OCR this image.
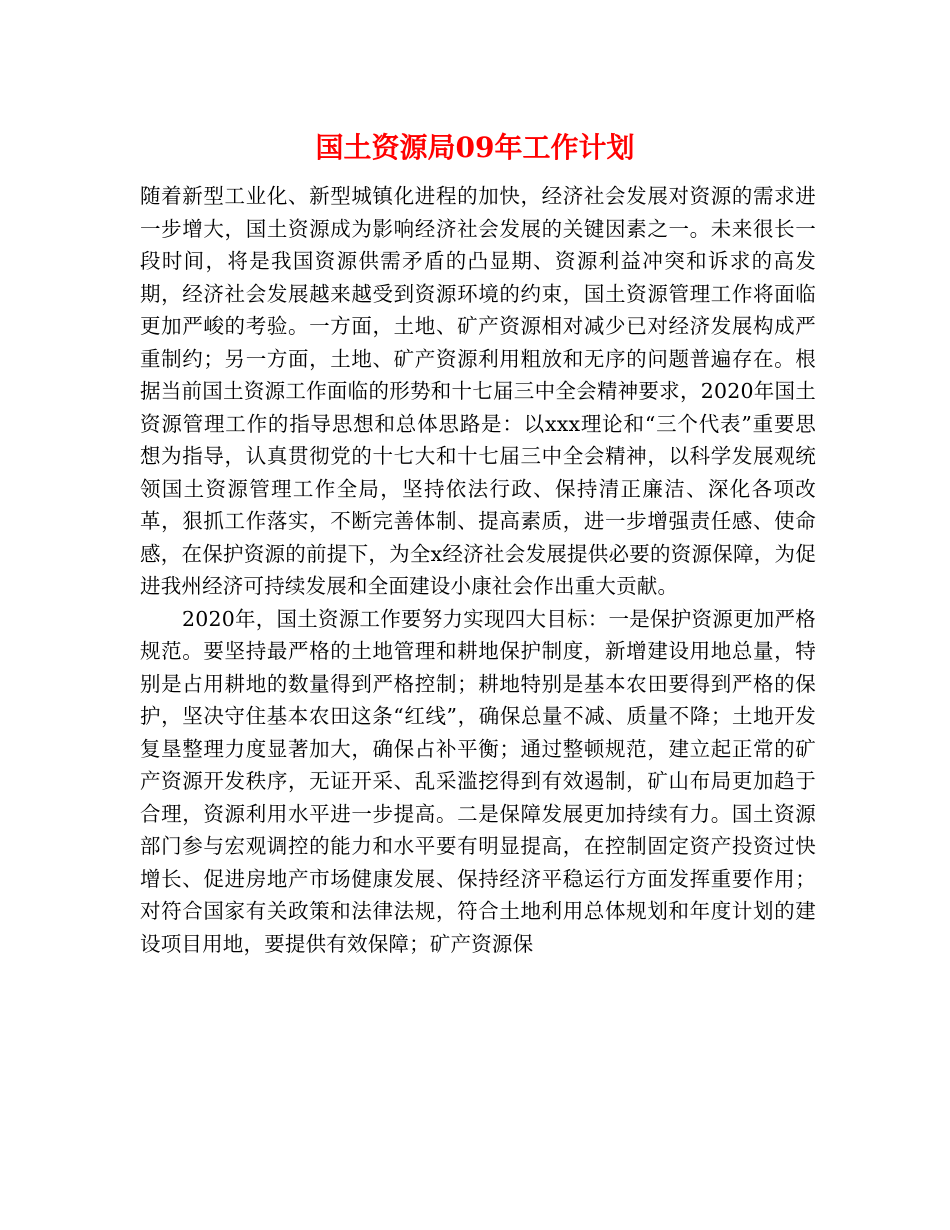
国土资源局09年工作计划

随着新型工业化、新型城镇化进程的加快，经济社会发展对资源的需求进一步增大，国土资源成为影响经济社会发展的关键因素之一。未来很长一段时间，将是我国资源供需矛盾的凸显期、资源利益冲突和诉求的高发期，经济社会发展越来越受到资源环境的约束，国土资源管理工作将面临更加严峻的考验。一方面，土地、矿产资源相对减少已对经济发展构成严重制约；另一方面，土地、矿产资源利用粗放和无序的问题普遍存在。根据当前国土资源工作面临的形势和十七届三中全会精神要求，2020年国土资源管理工作的指导思想和总体思路是：以xxx理论和“三个代表”重要思想为指导，认真贯彻党的十七大和十七届三中全会精神，以科学发展观统领国土资源管理工作全局，坚持依法行政、保持清正廉洁、深化各项改革，狠抓工作落实，不断完善体制、提高素质，进一步增强责任感、使命感，在保护资源的前提下，为全x经济社会发展提供必要的资源保障，为促进我州经济可持续发展和全面建设小康社会作出重大贡献。

2020年，国土资源工作要努力实现四大目标：一是保护资源更加严格规范。要坚持最严格的土地管理和耕地保护制度，新增建设用地总量，特别是占用耕地的数量得到严格控制；耕地特别是基本农田要得到严格的保护，坚决守住基本农田这条“红线”，确保总量不减、质量不降；土地开发复垦整理力度显著加大，确保占补平衡；通过整顿规范，建立起正常的矿产资源开发秩序，无证开采、乱采滥挖得到有效遏制，矿山布局更加趋于合理，资源利用水平进一步提高。二是保障发展更加持续有力。国土资源部门参与宏观调控的能力和水平要有明显提高，在控制固定资产投资过快增长、促进房地产市场健康发展、保持经济平稳运行方面发挥重要作用；对符合国家有关政策和法律法规，符合土地利用总体规划和年度计划的建设项目用地，要提供有效保障；矿产资源保
